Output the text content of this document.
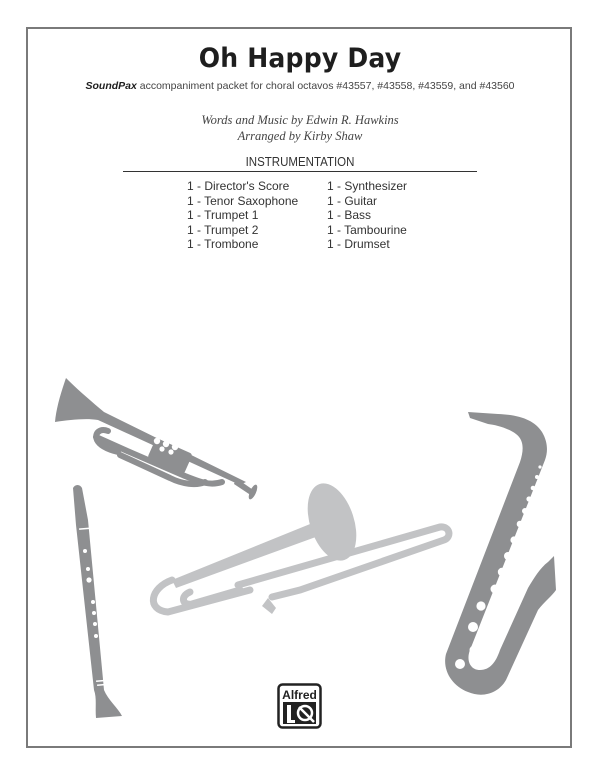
Oh Happy Day
SoundPax accompaniment packet for choral octavos #43557, #43558, #43559, and #43560
Words and Music by Edwin R. Hawkins
Arranged by Kirby Shaw
INSTRUMENTATION
1 - Director's Score
1 - Tenor Saxophone
1 - Trumpet 1
1 - Trumpet 2
1 - Trombone
1 - Synthesizer
1 - Guitar
1 - Bass
1 - Tambourine
1 - Drumset
Alfred
